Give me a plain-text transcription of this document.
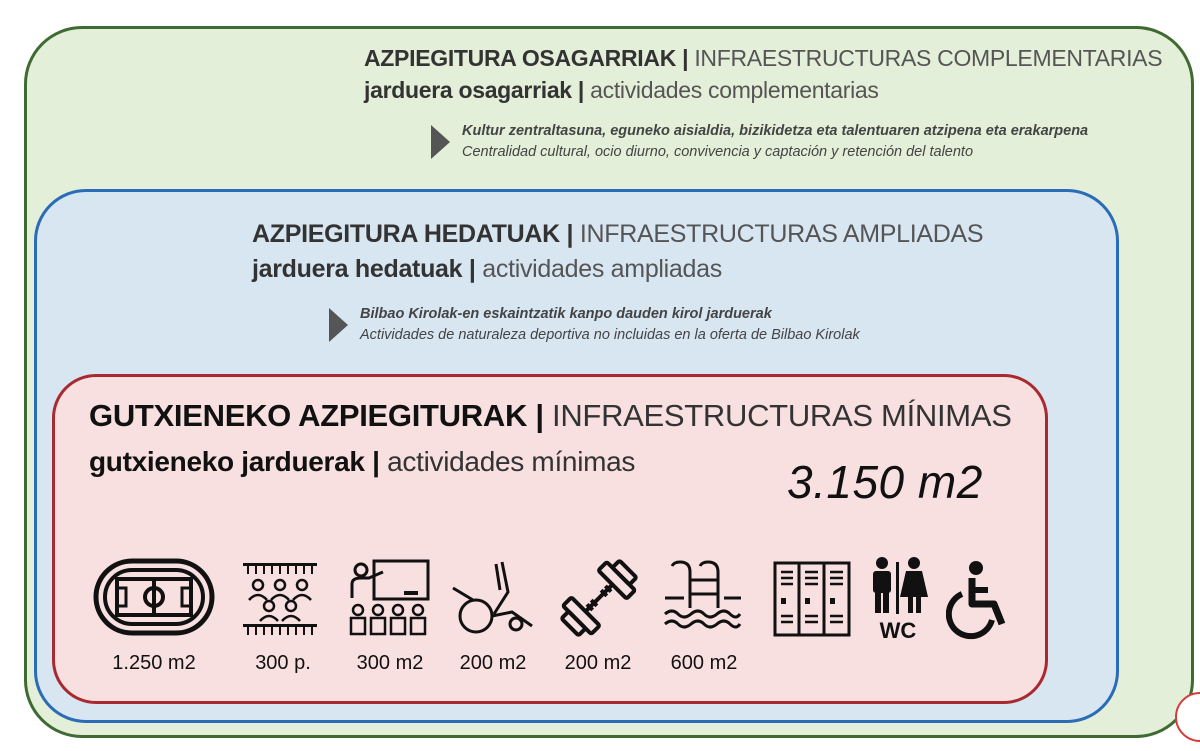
AZPIEGITURA OSAGARRIAK | INFRAESTRUCTURAS COMPLEMENTARIAS
jarduera osagarriak | actividades complementarias
Kultur zentraltasuna, eguneko aisialdia, bizikidetza eta talentuaren atzipena eta erakarpena
Centralidad cultural, ocio diurno, convivencia y captación y retención del talento
AZPIEGITURA HEDATUAK | INFRAESTRUCTURAS AMPLIADAS
jarduera hedatuak | actividades ampliadas
Bilbao Kirolak-en eskaintzatik kanpo dauden kirol jarduerak
Actividades de naturaleza deportiva no incluidas en la oferta de Bilbao Kirolak
GUTXIENEKO AZPIEGITURAK | INFRAESTRUCTURAS MÍNIMAS
gutxieneko jarduerak | actividades mínimas	3.150 m2
WC
1.250 m2	300 p.	300 m2	200 m2	200 m2	600 m2
